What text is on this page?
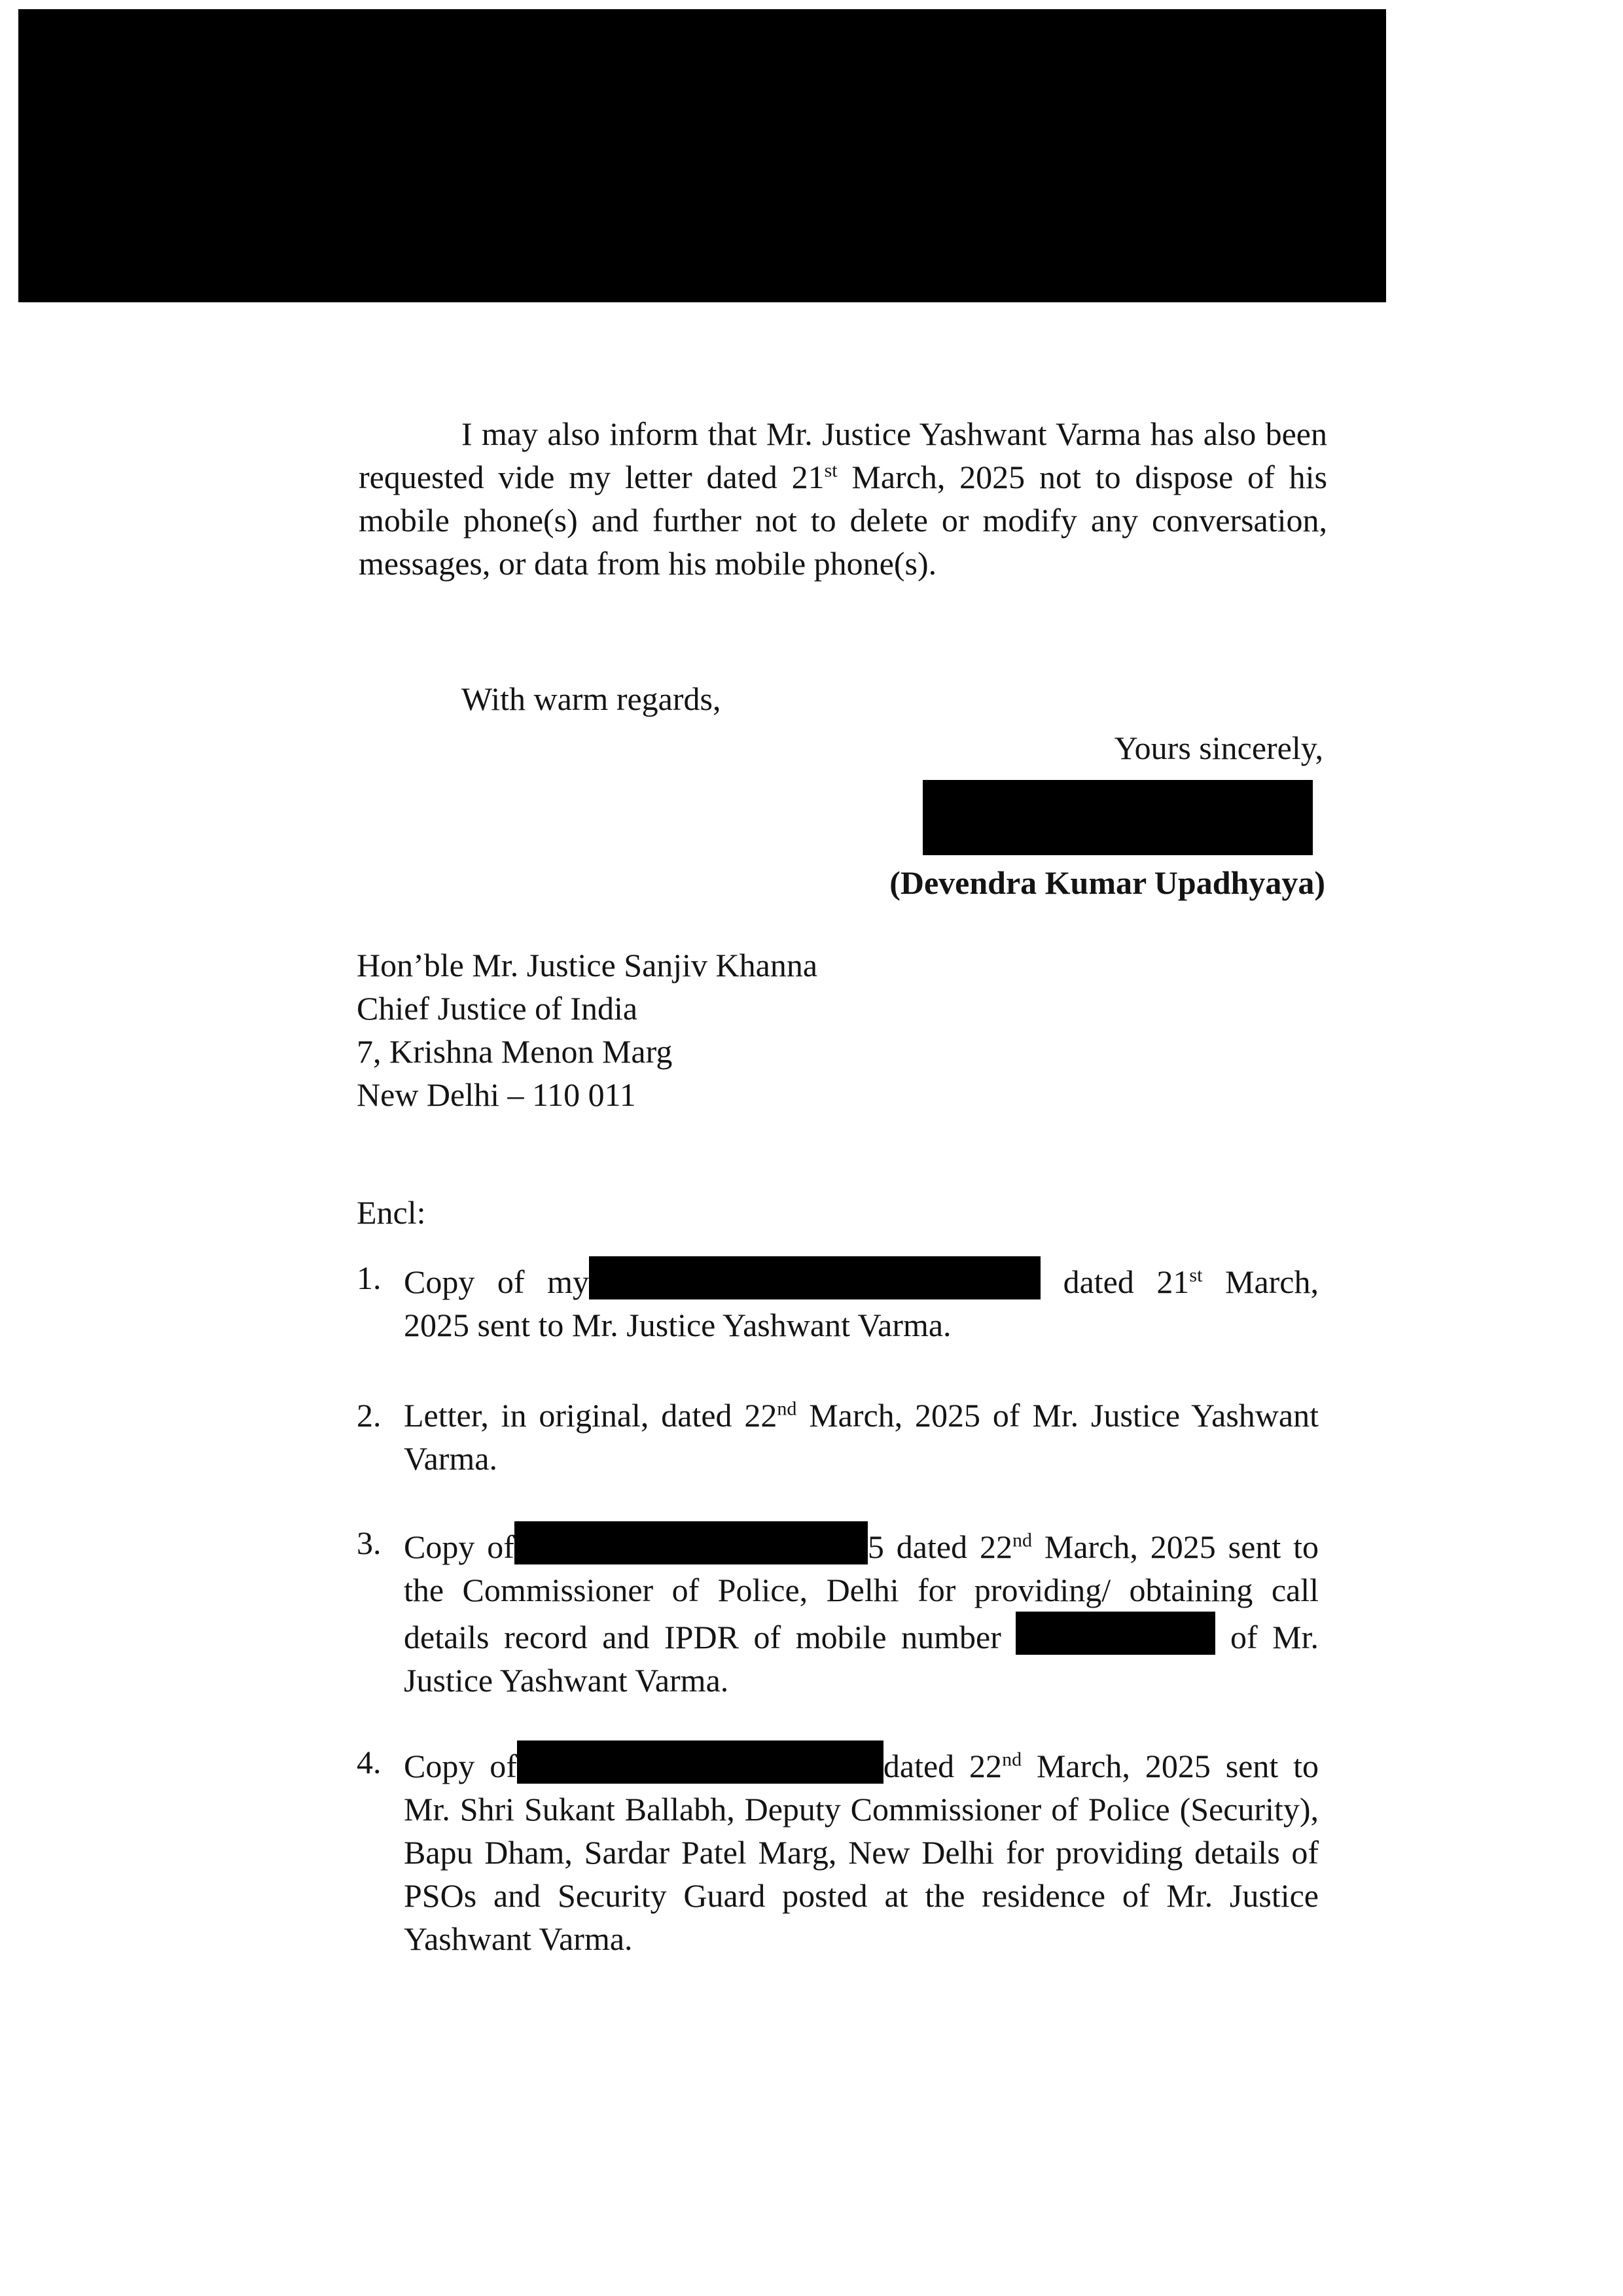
I may also inform that Mr. Justice Yashwant Varma has also been requested vide my letter dated 21st March, 2025 not to dispose of his mobile phone(s) and further not to delete or modify any conversation, messages, or data from his mobile phone(s).
With warm regards,
Yours sincerely,
(Devendra Kumar Upadhyaya)
Hon’ble Mr. Justice Sanjiv Khanna
Chief Justice of India
7, Krishna Menon Marg
New Delhi – 110 011
Encl:
1. Copy of my	dated 21st March, 2025 sent to Mr. Justice Yashwant Varma.
2. Letter, in original, dated 22nd March, 2025 of Mr. Justice Yashwant Varma.
3. Copy of	5 dated 22nd March, 2025 sent to the Commissioner of Police, Delhi for providing/ obtaining call details record and IPDR of mobile number	of Mr. Justice Yashwant Varma.
4. Copy of	dated 22nd March, 2025 sent to Mr. Shri Sukant Ballabh, Deputy Commissioner of Police (Security), Bapu Dham, Sardar Patel Marg, New Delhi for providing details of PSOs and Security Guard posted at the residence of Mr. Justice Yashwant Varma.
